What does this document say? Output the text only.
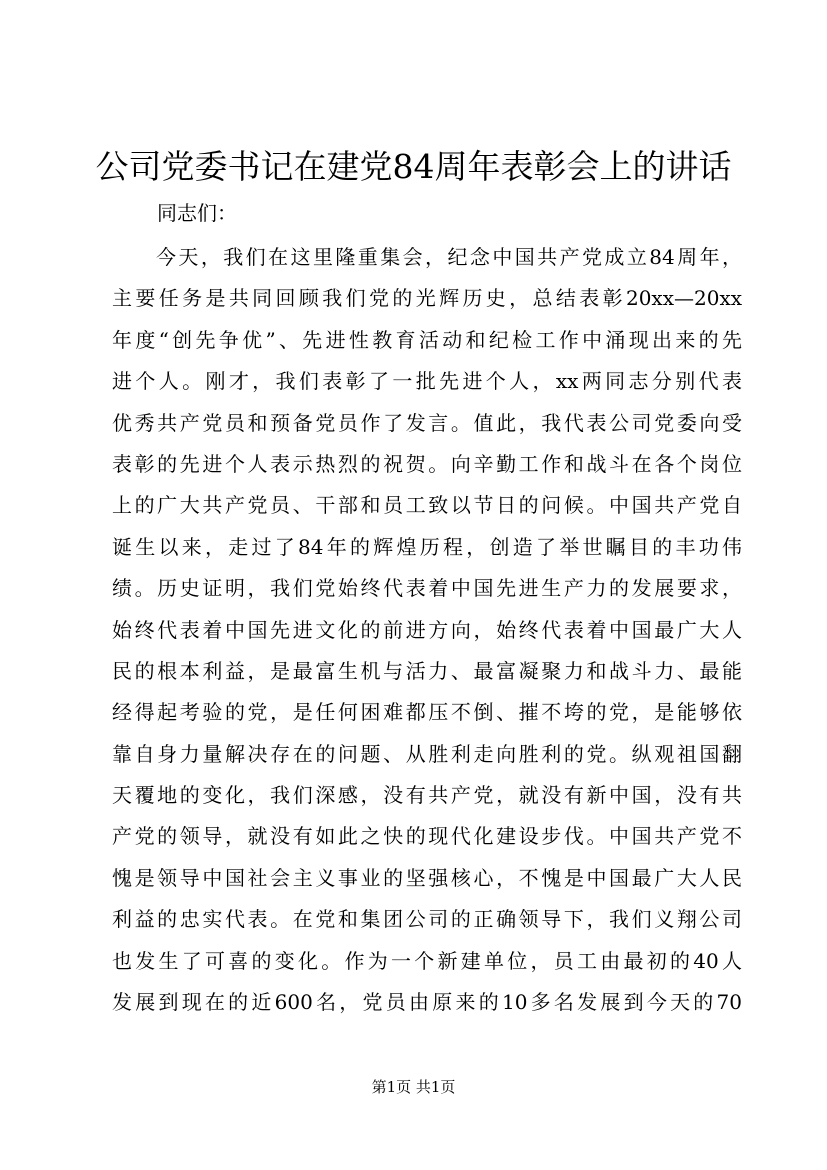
公司党委书记在建党84周年表彰会上的讲话
同志们：
今天，我们在这里隆重集会，纪念中国共产党成立84周年，
主要任务是共同回顾我们党的光辉历史，总结表彰20xx—20xx
年度“创先争优”、先进性教育活动和纪检工作中涌现出来的先
进个人。刚才，我们表彰了一批先进个人，xx两同志分别代表
优秀共产党员和预备党员作了发言。值此，我代表公司党委向受
表彰的先进个人表示热烈的祝贺。向辛勤工作和战斗在各个岗位
上的广大共产党员、干部和员工致以节日的问候。中国共产党自
诞生以来，走过了84年的辉煌历程，创造了举世瞩目的丰功伟
绩。历史证明，我们党始终代表着中国先进生产力的发展要求，
始终代表着中国先进文化的前进方向，始终代表着中国最广大人
民的根本利益，是最富生机与活力、最富凝聚力和战斗力、最能
经得起考验的党，是任何困难都压不倒、摧不垮的党，是能够依
靠自身力量解决存在的问题、从胜利走向胜利的党。纵观祖国翻
天覆地的变化，我们深感，没有共产党，就没有新中国，没有共
产党的领导，就没有如此之快的现代化建设步伐。中国共产党不
愧是领导中国社会主义事业的坚强核心，不愧是中国最广大人民
利益的忠实代表。在党和集团公司的正确领导下，我们义翔公司
也发生了可喜的变化。作为一个新建单位，员工由最初的40人
发展到现在的近600名，党员由原来的10多名发展到今天的70
第1页 共1页
